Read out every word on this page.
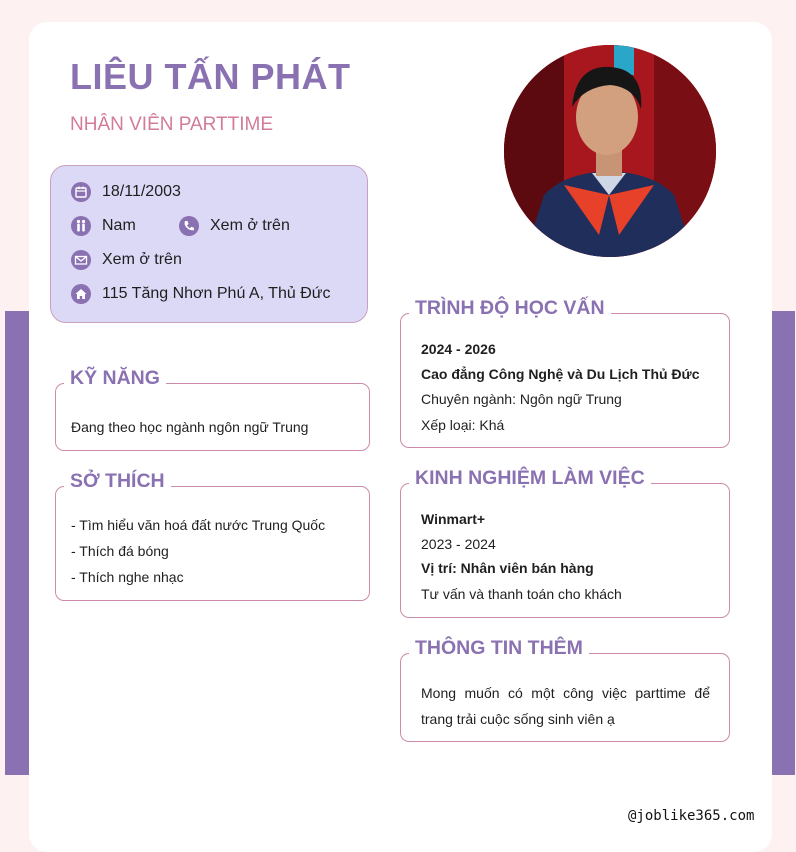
LIÊU TẤN PHÁT
NHÂN VIÊN PARTTIME
18/11/2003
Nam	Xem ở trên
Xem ở trên
115 Tăng Nhơn Phú A, Thủ Đức
KỸ NĂNG
Đang theo học ngành ngôn ngữ Trung
SỞ THÍCH
- Tìm hiểu văn hoá đất nước Trung Quốc
- Thích đá bóng
- Thích nghe nhạc
TRÌNH ĐỘ HỌC VẤN
2024 - 2026
Cao đẳng Công Nghệ và Du Lịch Thủ Đức
Chuyên ngành: Ngôn ngữ Trung
Xếp loại: Khá
KINH NGHIỆM LÀM VIỆC
Winmart+
2023 - 2024
Vị trí: Nhân viên bán hàng
Tư vấn và thanh toán cho khách
THÔNG TIN THÊM
Mong muốn có một công việc parttime để trang trải cuộc sống sinh viên ạ
@joblike365.com
